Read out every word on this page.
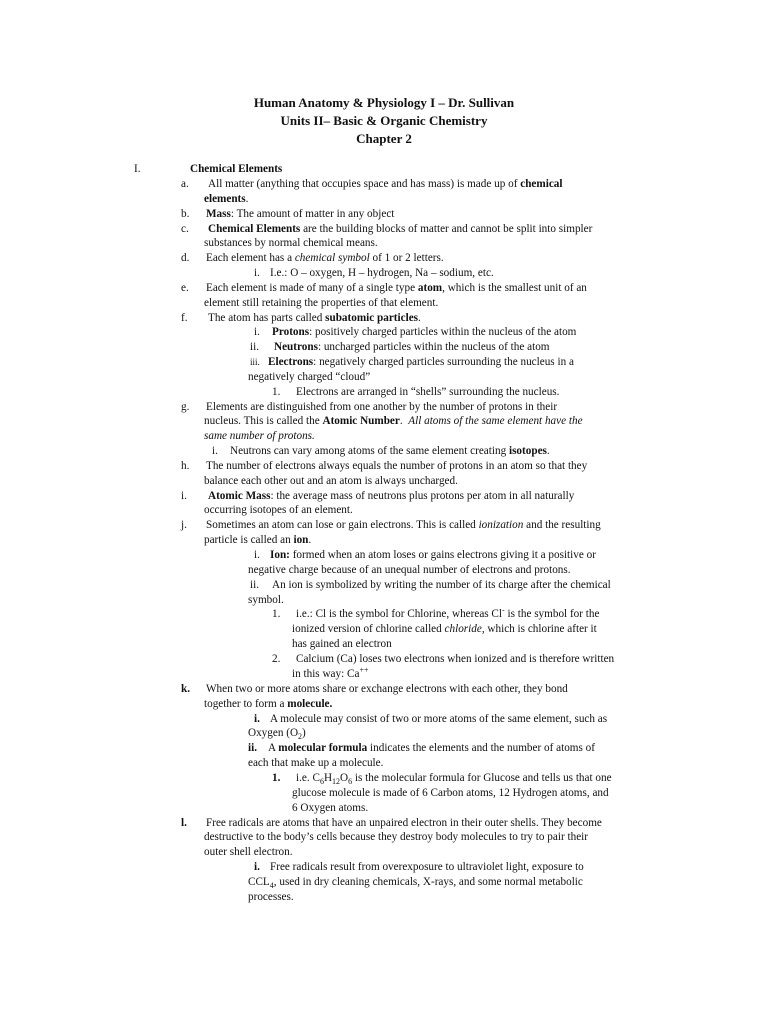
Human Anatomy & Physiology I – Dr. Sullivan
Units II– Basic & Organic Chemistry
Chapter 2
I.	Chemical Elements
a. All matter (anything that occupies space and has mass) is made up of chemical
elements.
b. Mass: The amount of matter in any object
c. Chemical Elements are the building blocks of matter and cannot be split into simpler
substances by normal chemical means.
d. Each element has a chemical symbol of 1 or 2 letters.
i. I.e.: O – oxygen, H – hydrogen, Na – sodium, etc.
e. Each element is made of many of a single type atom, which is the smallest unit of an
element still retaining the properties of that element.
f. The atom has parts called subatomic particles.
i. Protons: positively charged particles within the nucleus of the atom
ii. Neutrons: uncharged particles within the nucleus of the atom
iii. Electrons: negatively charged particles surrounding the nucleus in a
negatively charged “cloud”
1. Electrons are arranged in “shells” surrounding the nucleus.
g. Elements are distinguished from one another by the number of protons in their
nucleus. This is called the Atomic Number.  All atoms of the same element have the
same number of protons.
i. Neutrons can vary among atoms of the same element creating isotopes.
h. The number of electrons always equals the number of protons in an atom so that they
balance each other out and an atom is always uncharged.
i. Atomic Mass: the average mass of neutrons plus protons per atom in all naturally
occurring isotopes of an element.
j. Sometimes an atom can lose or gain electrons. This is called ionization and the resulting
particle is called an ion.
i. Ion: formed when an atom loses or gains electrons giving it a positive or
negative charge because of an unequal number of electrons and protons.
ii. An ion is symbolized by writing the number of its charge after the chemical
symbol.
1. i.e.: Cl is the symbol for Chlorine, whereas Cl- is the symbol for the
ionized version of chlorine called chloride, which is chlorine after it
has gained an electron
2. Calcium (Ca) loses two electrons when ionized and is therefore written
in this way: Ca++
k. When two or more atoms share or exchange electrons with each other, they bond
together to form a molecule.
i. A molecule may consist of two or more atoms of the same element, such as
Oxygen $(O_2)$
ii. A molecular formula indicates the elements and the number of atoms of
each that make up a molecule.
1. i.e. $C_6H_{12}O_6$ is the molecular formula for Glucose and tells us that one
glucose molecule is made of 6 Carbon atoms, 12 Hydrogen atoms, and
6 Oxygen atoms.
l. Free radicals are atoms that have an unpaired electron in their outer shells. They become
destructive to the body’s cells because they destroy body molecules to try to pair their
outer shell electron.
i. Free radicals result from overexposure to ultraviolet light, exposure to
$CCL_4$, used in dry cleaning chemicals, X-rays, and some normal metabolic
processes.
